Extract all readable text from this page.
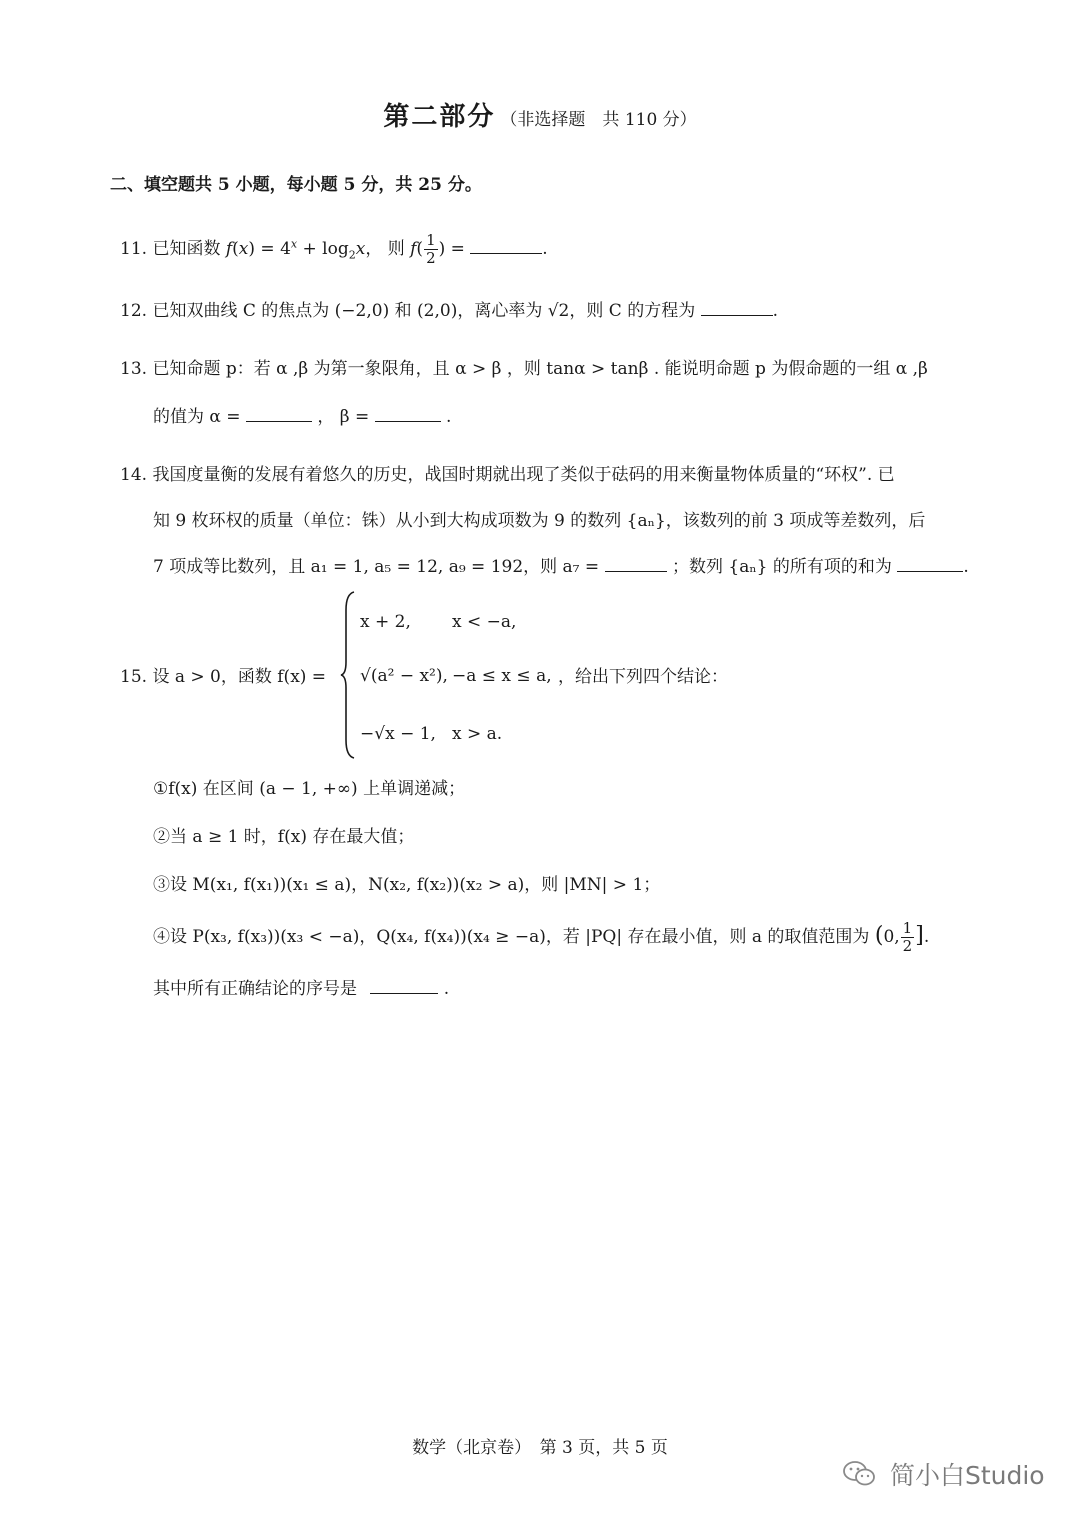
第二部分 （非选择题　共 110 分）
二、填空题共 5 小题，每小题 5 分，共 25 分。
11. 已知函数 $f(x) = 4^x + \log_2x$， 则 $f( \frac{1}{2}$ ) =	.
12. 已知双曲线 C 的焦点为 (−2,0) 和 (2,0)，离心率为 √2，则 C 的方程为	.
13. 已知命题 p：若 α ,β 为第一象限角，且 α > β ，则 tanα > tanβ . 能说明命题 p 为假命题的一组 α ,β
的值为 α =	， β =	.
14. 我国度量衡的发展有着悠久的历史，战国时期就出现了类似于砝码的用来衡量物体质量的“环权”. 已
知 9 枚环权的质量（单位：铢）从小到大构成项数为 9 的数列 {aₙ}，该数列的前 3 项成等差数列，后
7 项成等比数列，且 a₁ = 1, a₅ = 12, a₉ = 192，则 a₇ =	；数列 {aₙ} 的所有项的和为	.
15. 设 a > 0，函数 f(x) =
x + 2, x < −a,
√(a² − x²), −a ≤ x ≤ a, ，给出下列四个结论：
−√x − 1, x > a.
①f(x) 在区间 (a − 1, +∞) 上单调递减；
②当 a ≥ 1 时，f(x) 存在最大值；
③设 M(x₁, f(x₁))(x₁ ≤ a)，N(x₂, f(x₂))(x₂ > a)，则 |MN| > 1；
④设 P(x₃, f(x₃))(x₃ < −a)，Q(x₄, f(x₄))(x₄ ≥ −a)，若 |PQ| 存在最小值，则 a 的取值范围为 (0, $\frac{1}{2}$ ].
其中所有正确结论的序号是	.
数学（北京卷）　第 3 页，共 5 页
简小白Studio
